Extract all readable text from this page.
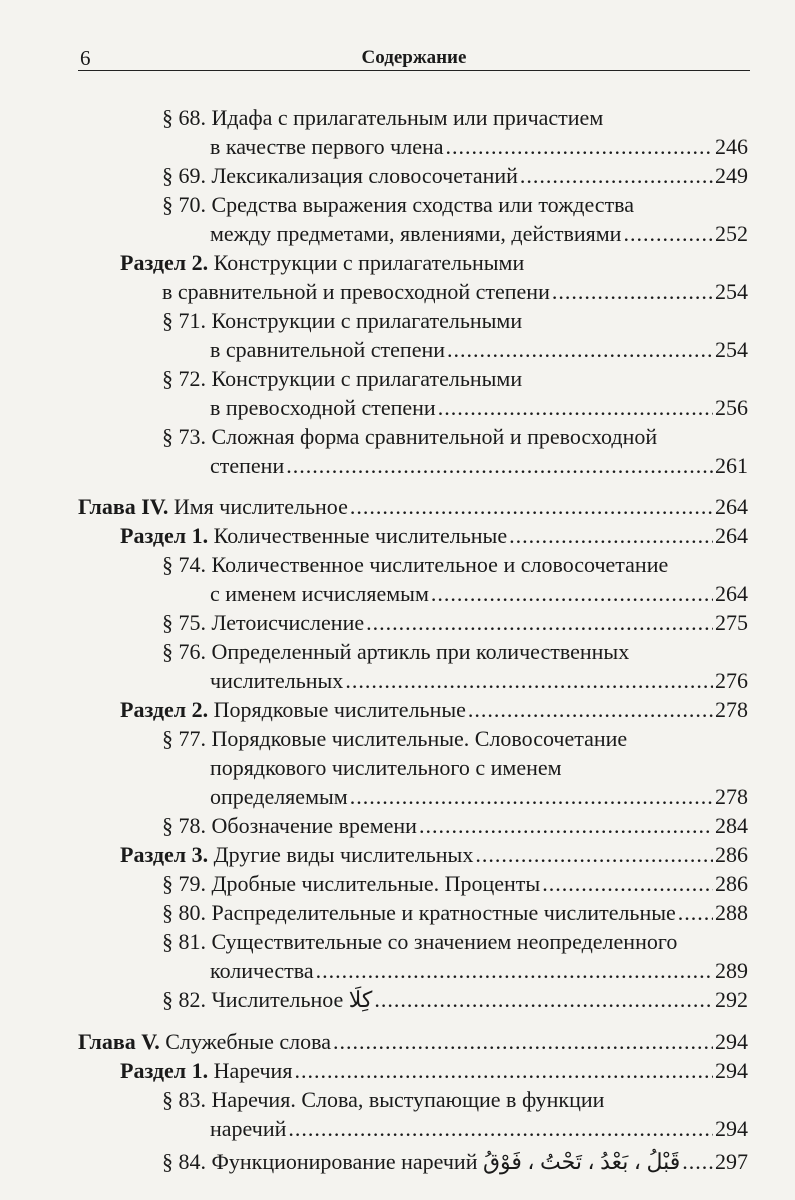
6	Содержание
§ 68. Идафа с прилагательным или причастием
в качестве первого члена .....	246
§ 69. Лексикализация словосочетаний .....	249
§ 70. Средства выражения сходства или тождества
между предметами, явлениями, действиями .....	252
Раздел 2. Конструкции с прилагательными
в сравнительной и превосходной степени .....	254
§ 71. Конструкции с прилагательными
в сравнительной степени .....	254
§ 72. Конструкции с прилагательными
в превосходной степени .....	256
§ 73. Сложная форма сравнительной и превосходной
степени .....	261
Глава IV. Имя числительное .....	264
Раздел 1. Количественные числительные .....	264
§ 74. Количественное числительное и словосочетание
с именем исчисляемым .....	264
§ 75. Летоисчисление .....	275
§ 76. Определенный артикль при количественных
числительных .....	276
Раздел 2. Порядковые числительные .....	278
§ 77. Порядковые числительные. Словосочетание
порядкового числительного с именем
определяемым .....	278
§ 78. Обозначение времени .....	284
Раздел 3. Другие виды числительных .....	286
§ 79. Дробные числительные. Проценты .....	286
§ 80. Распределительные и кратностные числительные ..... 288
§ 81. Существительные со значением неопределенного
количества .....	289
§ 82. Числительное كِلَا .....	292
Глава V. Служебные слова .....	294
Раздел 1. Наречия .....	294
§ 83. Наречия. Слова, выступающие в функции
наречий .....	294
§ 84. Функционирование наречий قَبْلُ ، بَعْدُ ، تَحْتُ ، فَوْقُ ..... 297
